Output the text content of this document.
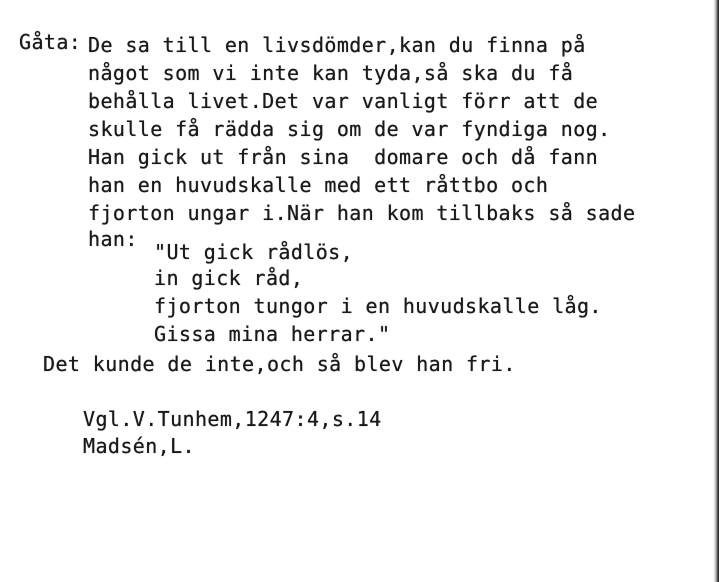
Gåta: De sa till en livsdömder,kan du finna på
något som vi inte kan tyda,så ska du få
behålla livet.Det var vanligt förr att de
skulle få rädda sig om de var fyndiga nog.
Han gick ut från sina  domare och då fann
han en huvudskalle med ett råttbo och
fjorton ungar i.När han kom tillbaks så sade
han:
"Ut gick rådlös,
in gick råd,
fjorton tungor i en huvudskalle låg.
Gissa mina herrar."
Det kunde de inte,och så blev han fri.
Vgl.V.Tunhem,1247:4,s.14
Madsén,L.
